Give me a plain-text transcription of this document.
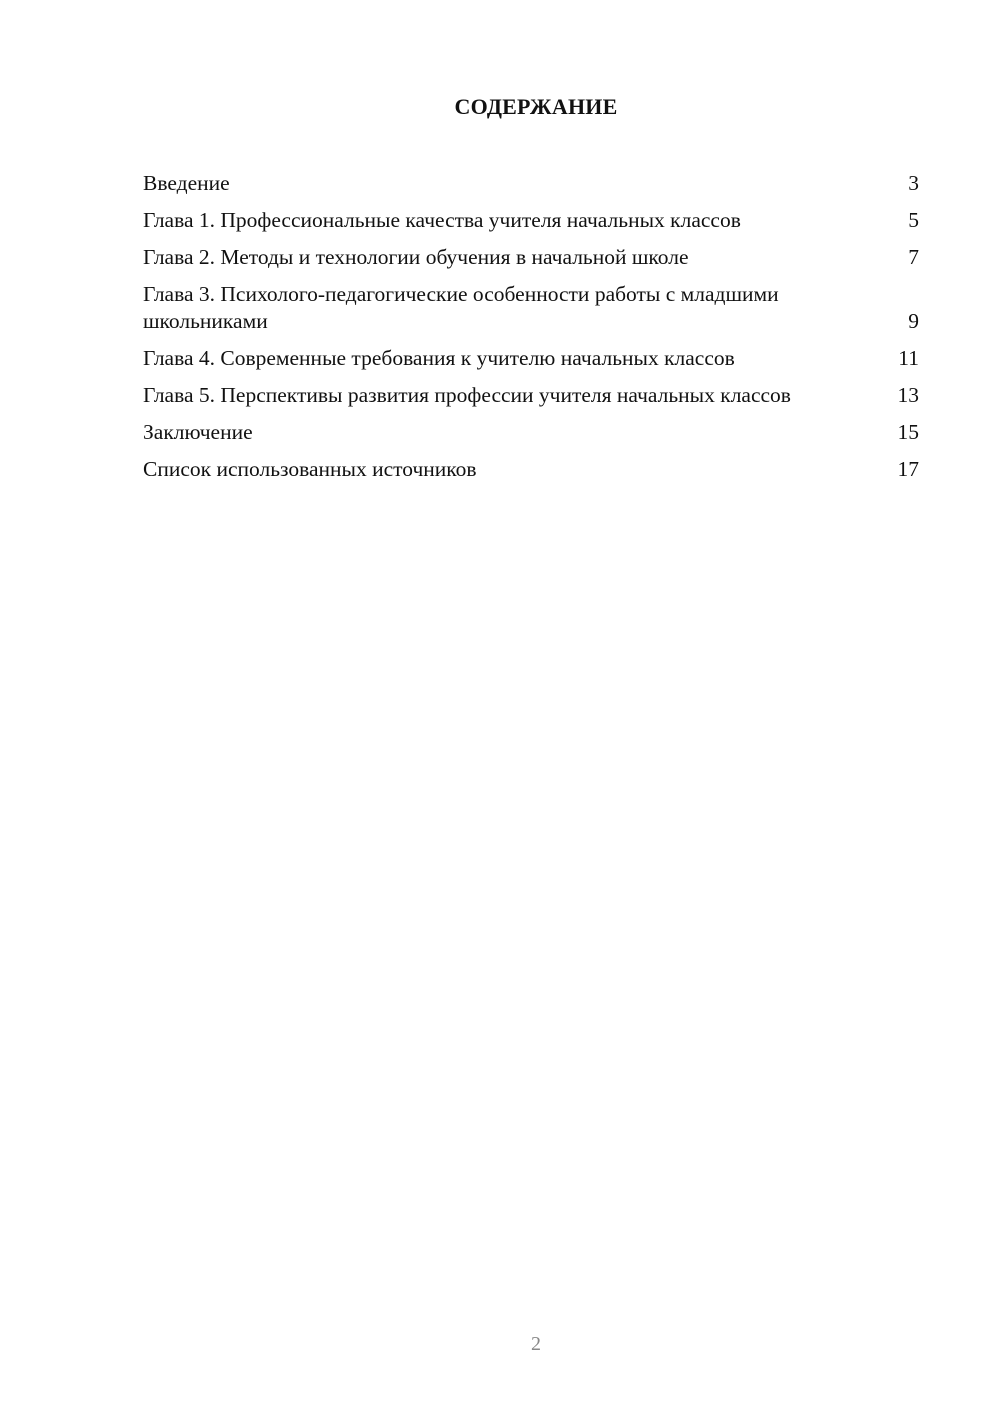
СОДЕРЖАНИЕ
Введение	3
Глава 1. Профессиональные качества учителя начальных классов	5
Глава 2. Методы и технологии обучения в начальной школе	7
Глава 3. Психолого-педагогические особенности работы с младшими школьниками	9
Глава 4. Современные требования к учителю начальных классов	11
Глава 5. Перспективы развития профессии учителя начальных классов	13
Заключение	15
Список использованных источников	17
2
